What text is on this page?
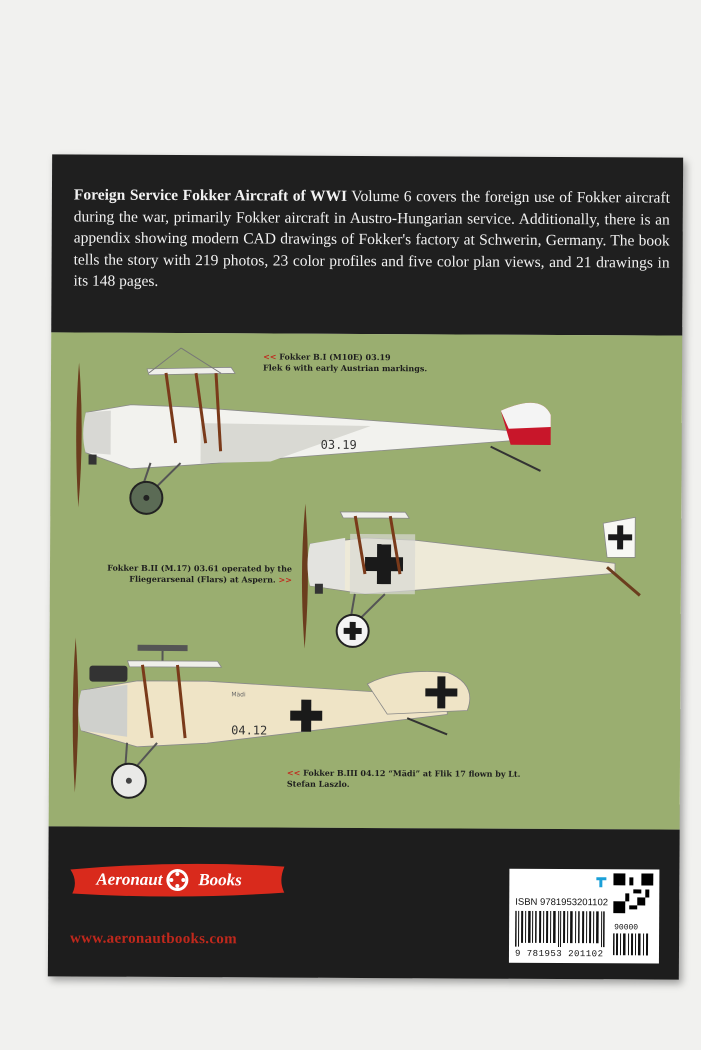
Foreign Service Fokker Aircraft of WWI Volume 6 covers the foreign use of Fokker aircraft during the war, primarily Fokker aircraft in Austro-Hungarian service. Additionally, there is an appendix showing modern CAD drawings of Fokker's factory at Schwerin, Germany. The book tells the story with 219 photos, 23 color profiles and five color plan views, and 21 drawings in its 148 pages.
03.19
<< Fokker B.I (M10E) 03.19
Flek 6 with early Austrian markings.
Fokker B.II (M.17) 03.61 operated by the
Fliegerarsenal (Flars) at Aspern. >>
04.12
Mädi
<< Fokker B.III 04.12 “Mädi” at Flik 17 flown by Lt.
Stefan Laszlo.
Aeronaut Books
www.aeronautbooks.com
ISBN 9781953201102
90000
9 781953 201102
